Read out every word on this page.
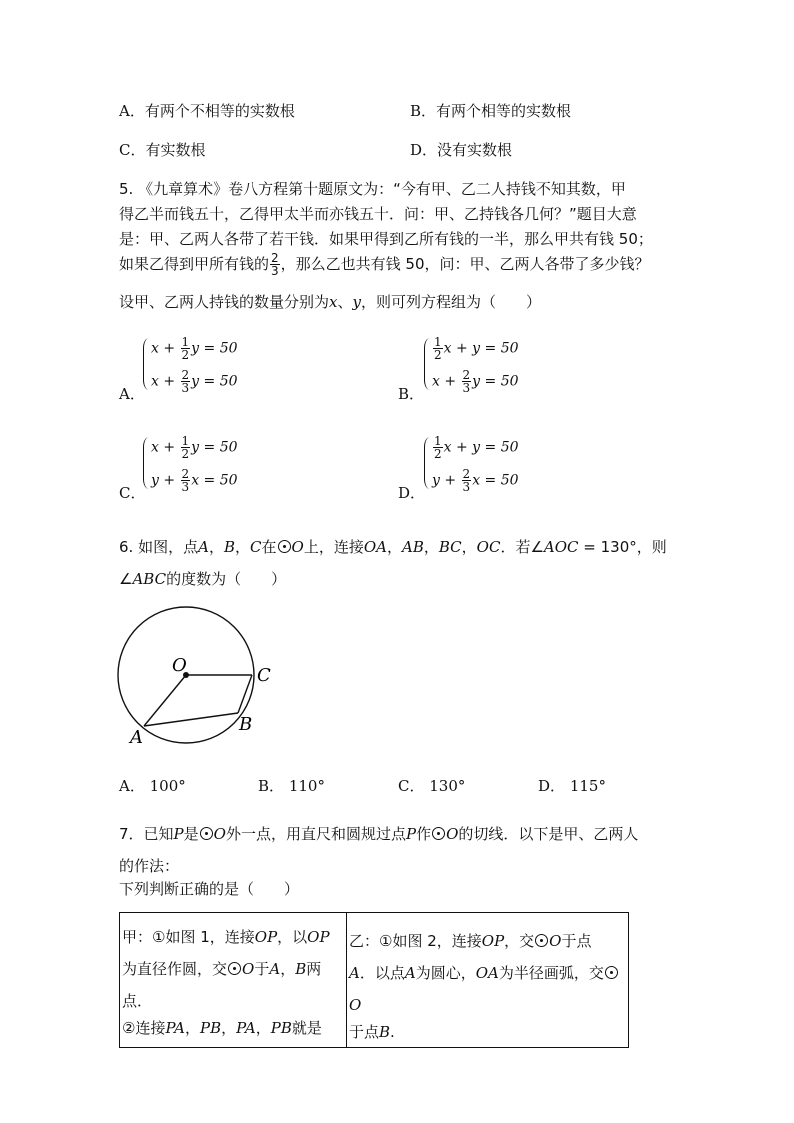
A．有两个不相等的实数根	B．有两个相等的实数根
C．有实数根	D．没有实数根
5. 《九章算术》卷八方程第十题原文为：“今有甲、乙二人持钱不知其数，甲
得乙半而钱五十，乙得甲太半而亦钱五十．问：甲、乙持钱各几何？”题目大意
是：甲、乙两人各带了若干钱．如果甲得到乙所有钱的一半，那么甲共有钱 50；
如果乙得到甲所有钱的 $\frac{2}{3}$ ，那么乙也共有钱 50，问：甲、乙两人各带了多少钱？
设甲、乙两人持钱的数量分别为x、y，则可列方程组为（　　）
A．
$x + \frac{1}{2}$ y = 50
$x + \frac{2}{3}$ y = 50
B．
$\frac{1}{2}$ x + y = 50
$x + \frac{2}{3}$ y = 50
C．
$x + \frac{1}{2}$ y = 50
$y + \frac{2}{3}$ x = 50
D．
$\frac{1}{2}$ x + y = 50
$y + \frac{2}{3}$ x = 50
6. 如图，点A，B，C在 O上，连接OA，AB，BC，OC．若∠AOC = 130°，则
∠ABC的度数为（　　）
O	C
B
A
A． 100°	B． 110°	C． 130°	D． 115°
7．已知P是 O外一点，用直尺和圆规过点P作 O的切线．以下是甲、乙两人
的作法：
下列判断正确的是（　　）
甲：①如图 1，连接OP，以OP
为直径作圆，交 O于A，B两点．
②连接PA，PB，PA，PB就是

乙：①如图 2，连接OP，交 O于点
A．以点A为圆心，OA为半径画弧，交O
于点B.
